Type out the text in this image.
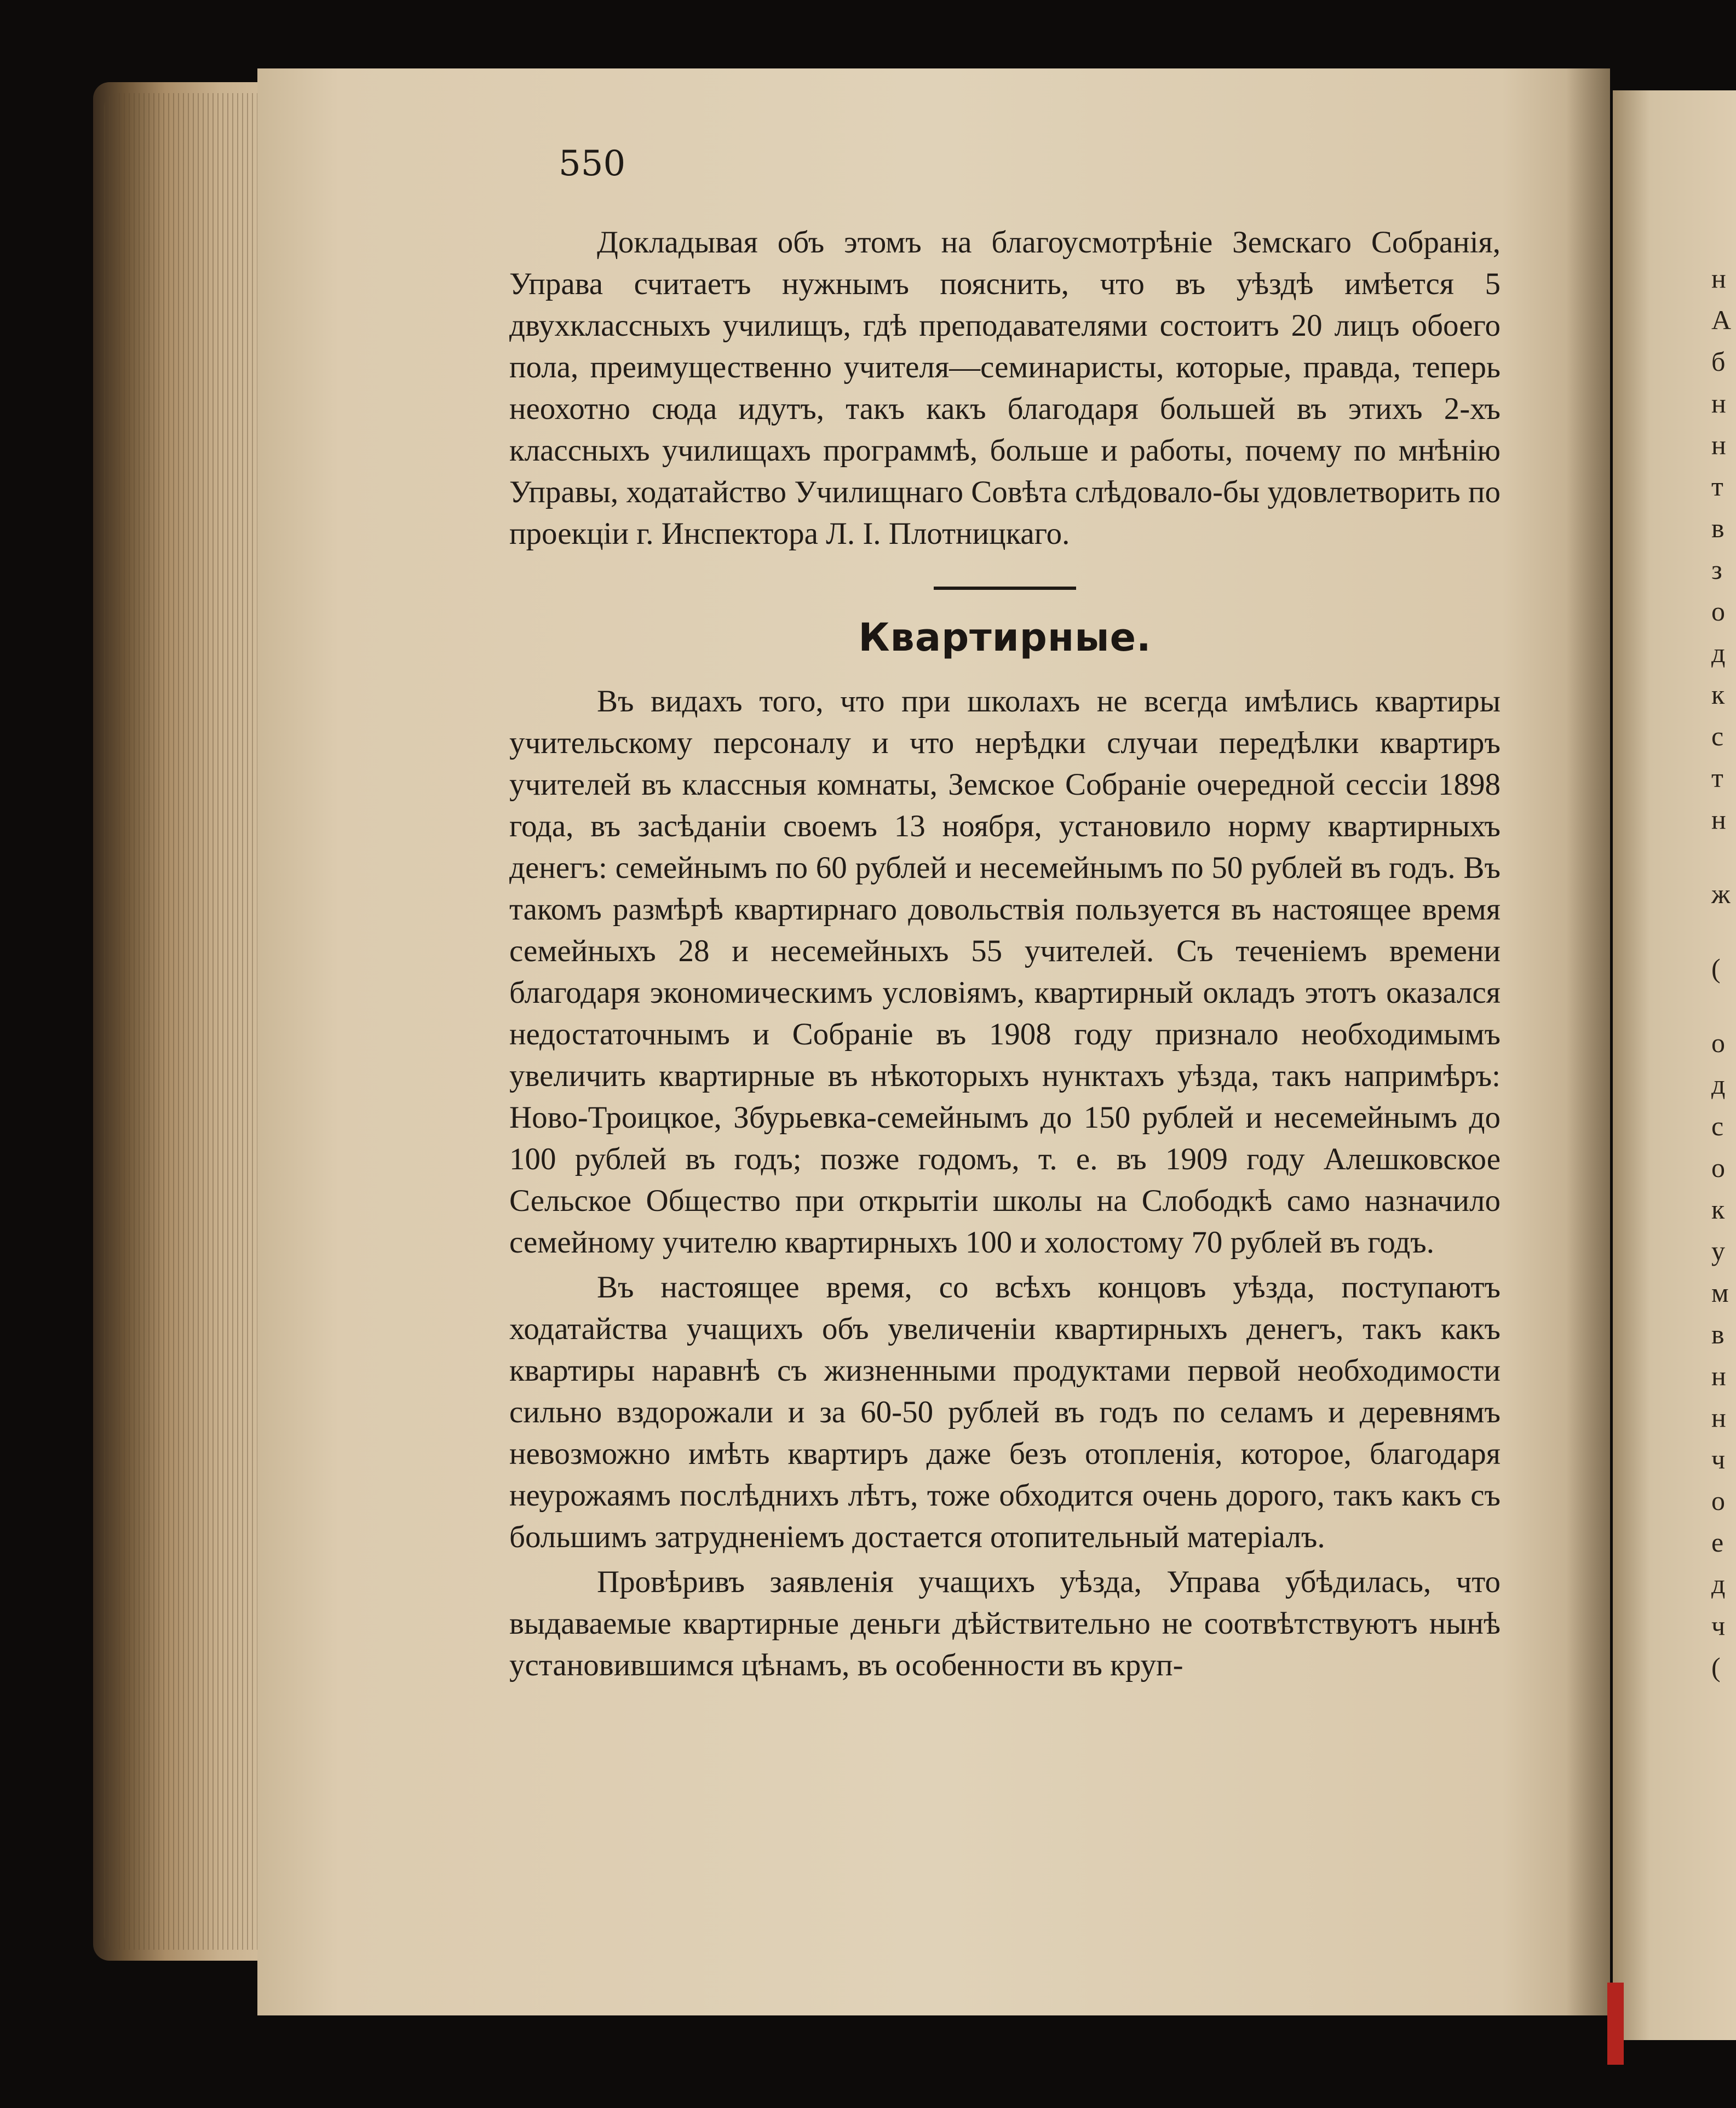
550

Докладывая объ этомъ на благоусмотрѣніе Земскаго Собранія, Управа считаетъ нужнымъ пояснить, что въ уѣздѣ имѣется 5 двухклассныхъ училищъ, гдѣ преподавателями состоитъ 20 лицъ обоего пола, преимущественно учителя—семинаристы, которые, правда, теперь неохотно сюда идутъ, такъ какъ благодаря большей въ этихъ 2-хъ классныхъ училищахъ программѣ, больше и работы, почему по мнѣнію Управы, ходатайство Училищнаго Совѣта слѣдовало-бы удовлетворить по проекціи г. Инспектора Л. I. Плотницкаго.

Квартирные.

Въ видахъ того, что при школахъ не всегда имѣлись квартиры учительскому персоналу и что нерѣдки случаи передѣлки квартиръ учителей въ классныя комнаты, Земское Собраніе очередной сессіи 1898 года, въ засѣданіи своемъ 13 ноября, установило норму квартирныхъ денегъ: семейнымъ по 60 рублей и несемейнымъ по 50 рублей въ годъ. Въ такомъ размѣрѣ квартирнаго довольствія пользуется въ настоящее время семейныхъ 28 и несемейныхъ 55 учителей. Съ теченіемъ времени благодаря экономическимъ условіямъ, квартирный окладъ этотъ оказался недостаточнымъ и Собраніе въ 1908 году признало необходимымъ увеличить квартирные въ нѣкоторыхъ нунктахъ уѣзда, такъ напримѣръ: Ново-Троицкое, Збурьевка-семейнымъ до 150 рублей и несемейнымъ до 100 рублей въ годъ; позже годомъ, т. е. въ 1909 году Алешковское Сельское Общество при открытіи школы на Слободкѣ само назначило семейному учителю квартирныхъ 100 и холостому 70 рублей въ годъ.

Въ настоящее время, со всѣхъ концовъ уѣзда, поступаютъ ходатайства учащихъ объ увеличеніи квартирныхъ денегъ, такъ какъ квартиры наравнѣ съ жизненными продуктами первой необходимости сильно вздорожали и за 60-50 рублей въ годъ по селамъ и деревнямъ невозможно имѣть квартиръ даже безъ отопленія, которое, благодаря неурожаямъ послѣднихъ лѣтъ, тоже обходится очень дорого, такъ какъ съ большимъ затрудненіемъ достается отопительный матеріалъ.

Провѣривъ заявленія учащихъ уѣзда, Управа убѣдилась, что выдаваемые квартирные деньги дѣйствительно не соотвѣтствуютъ нынѣ установившимся цѣнамъ, въ особенности въ круп-

н
А
б
н
н
т
в
з
о
д
к
с
т
н
ж
(
о
д
с
о
к
у
м
в
н
н
ч
о
е
д
ч
(
